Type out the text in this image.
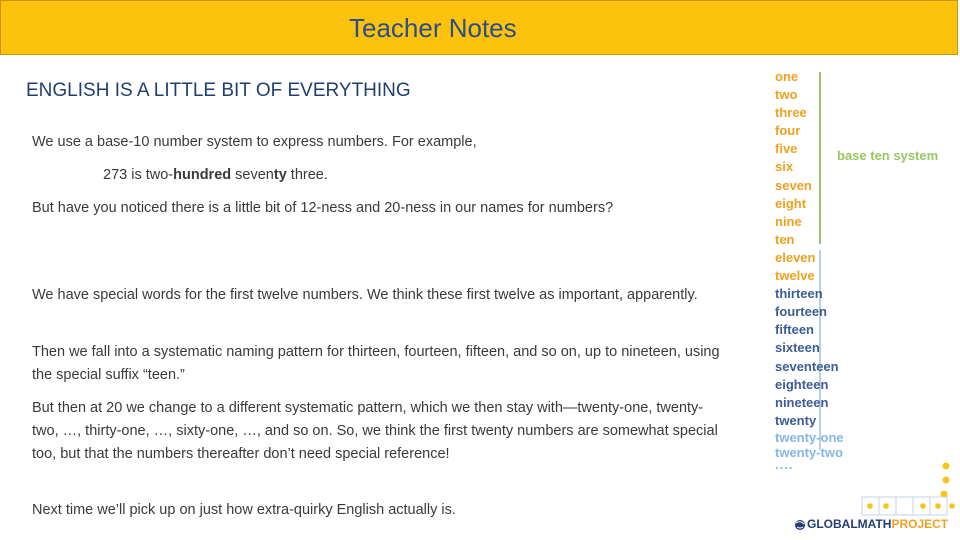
Teacher Notes
ENGLISH IS A LITTLE BIT OF EVERYTHING
We use a base-10 number system to express numbers. For example,
273 is two-hundred seventy three.
But have you noticed there is a little bit of 12-ness and 20-ness in our names for numbers?
We have special words for the first twelve numbers. We think these first twelve as important, apparently.
Then we fall into a systematic naming pattern for thirteen, fourteen, fifteen, and so on, up to nineteen, using the special suffix “teen.”
But then at 20 we change to a different systematic pattern, which we then stay with—twenty-one, twenty-two, …, thirty-one, …, sixty-one, …, and so on. So, we think the first twenty numbers are somewhat special too, but that the numbers thereafter don’t need special reference!
Next time we’ll pick up on just how extra-quirky English actually is.
one
two
three
four
five
six
seven
eight
nine
ten
eleven
twelve
thirteen
fourteen
fifteen
sixteen
seventeen
eighteen
nineteen
twenty
twenty-one
twenty-two
....
base ten system
GLOBALMATHPROJECT
